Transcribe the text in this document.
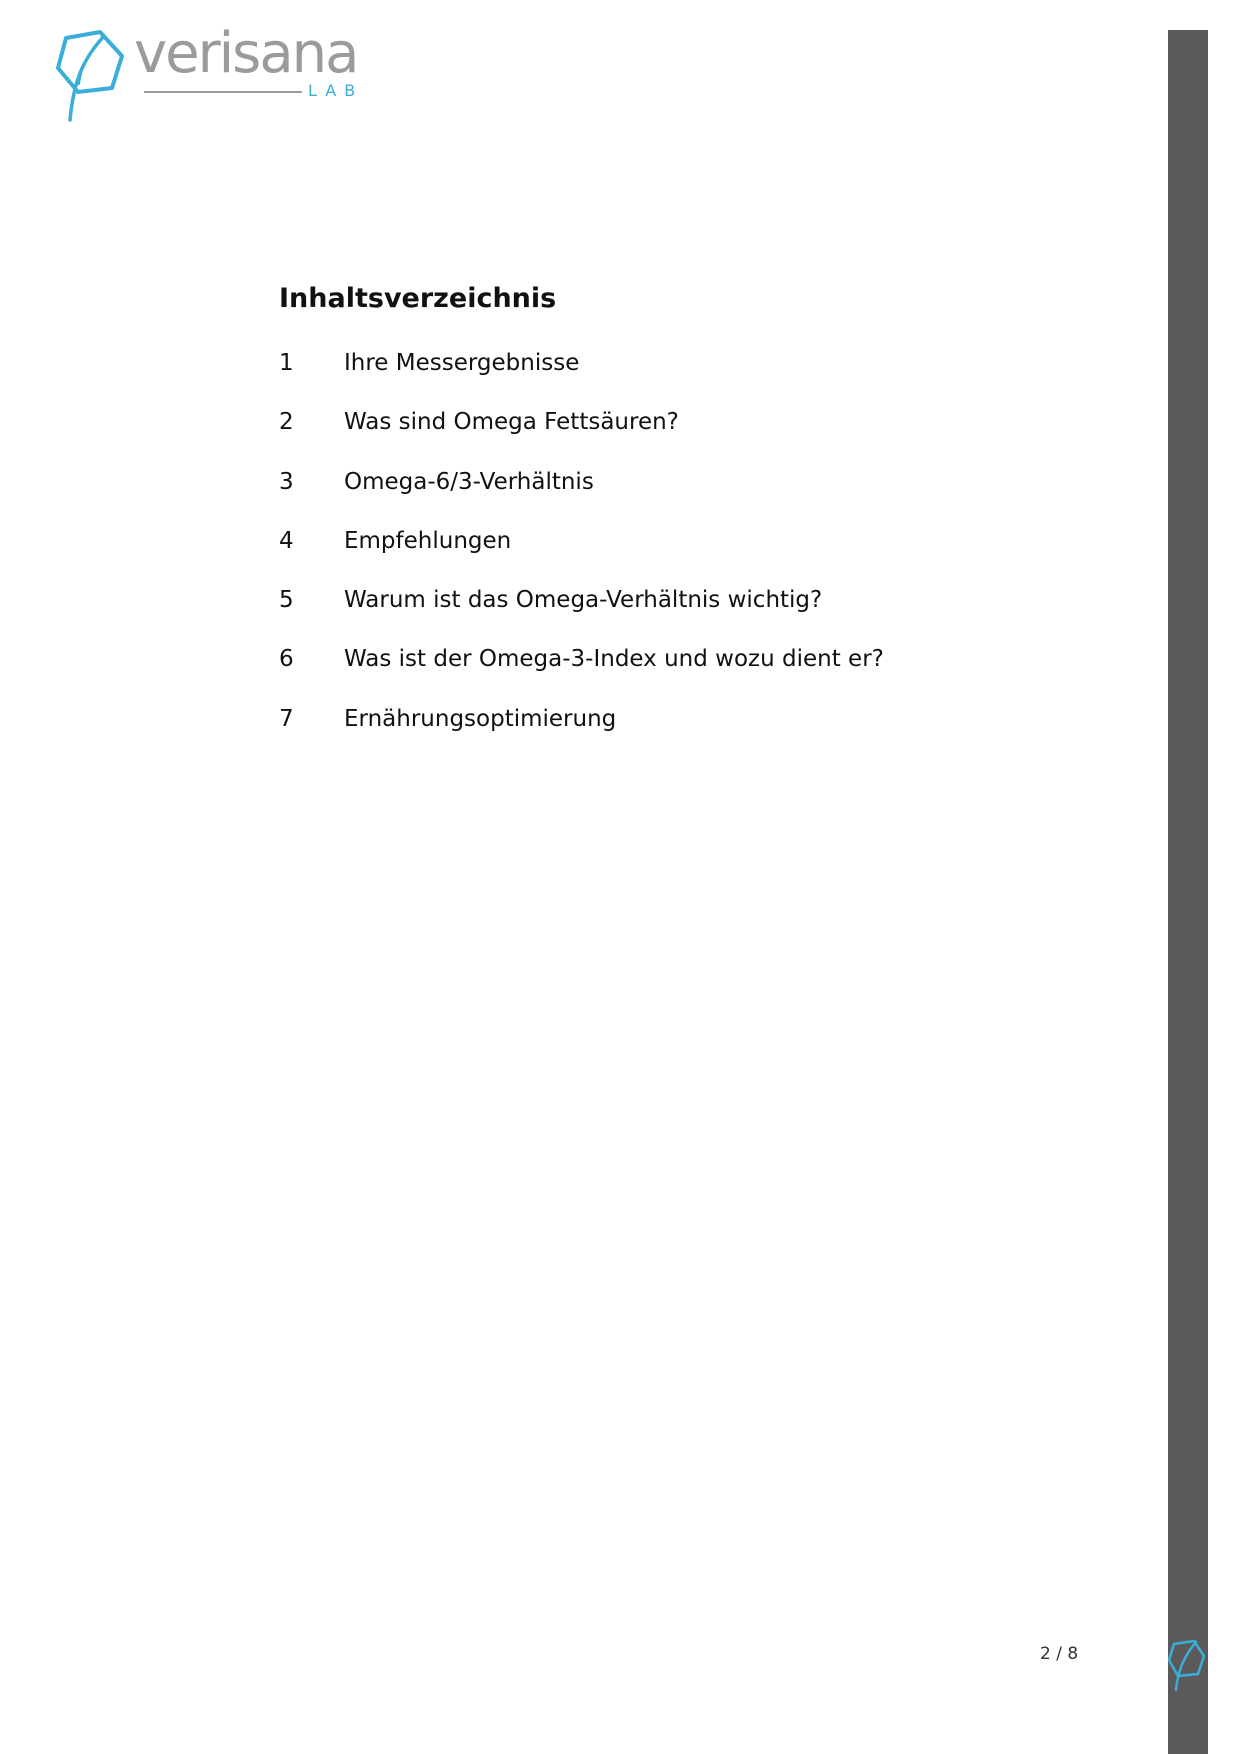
verisana
LAB
Inhaltsverzeichnis
1	Ihre Messergebnisse
2	Was sind Omega Fettsäuren?
3	Omega-6/3-Verhältnis
4	Empfehlungen
5	Warum ist das Omega-Verhältnis wichtig?
6	Was ist der Omega-3-Index und wozu dient er?
7	Ernährungsoptimierung
2 / 8
